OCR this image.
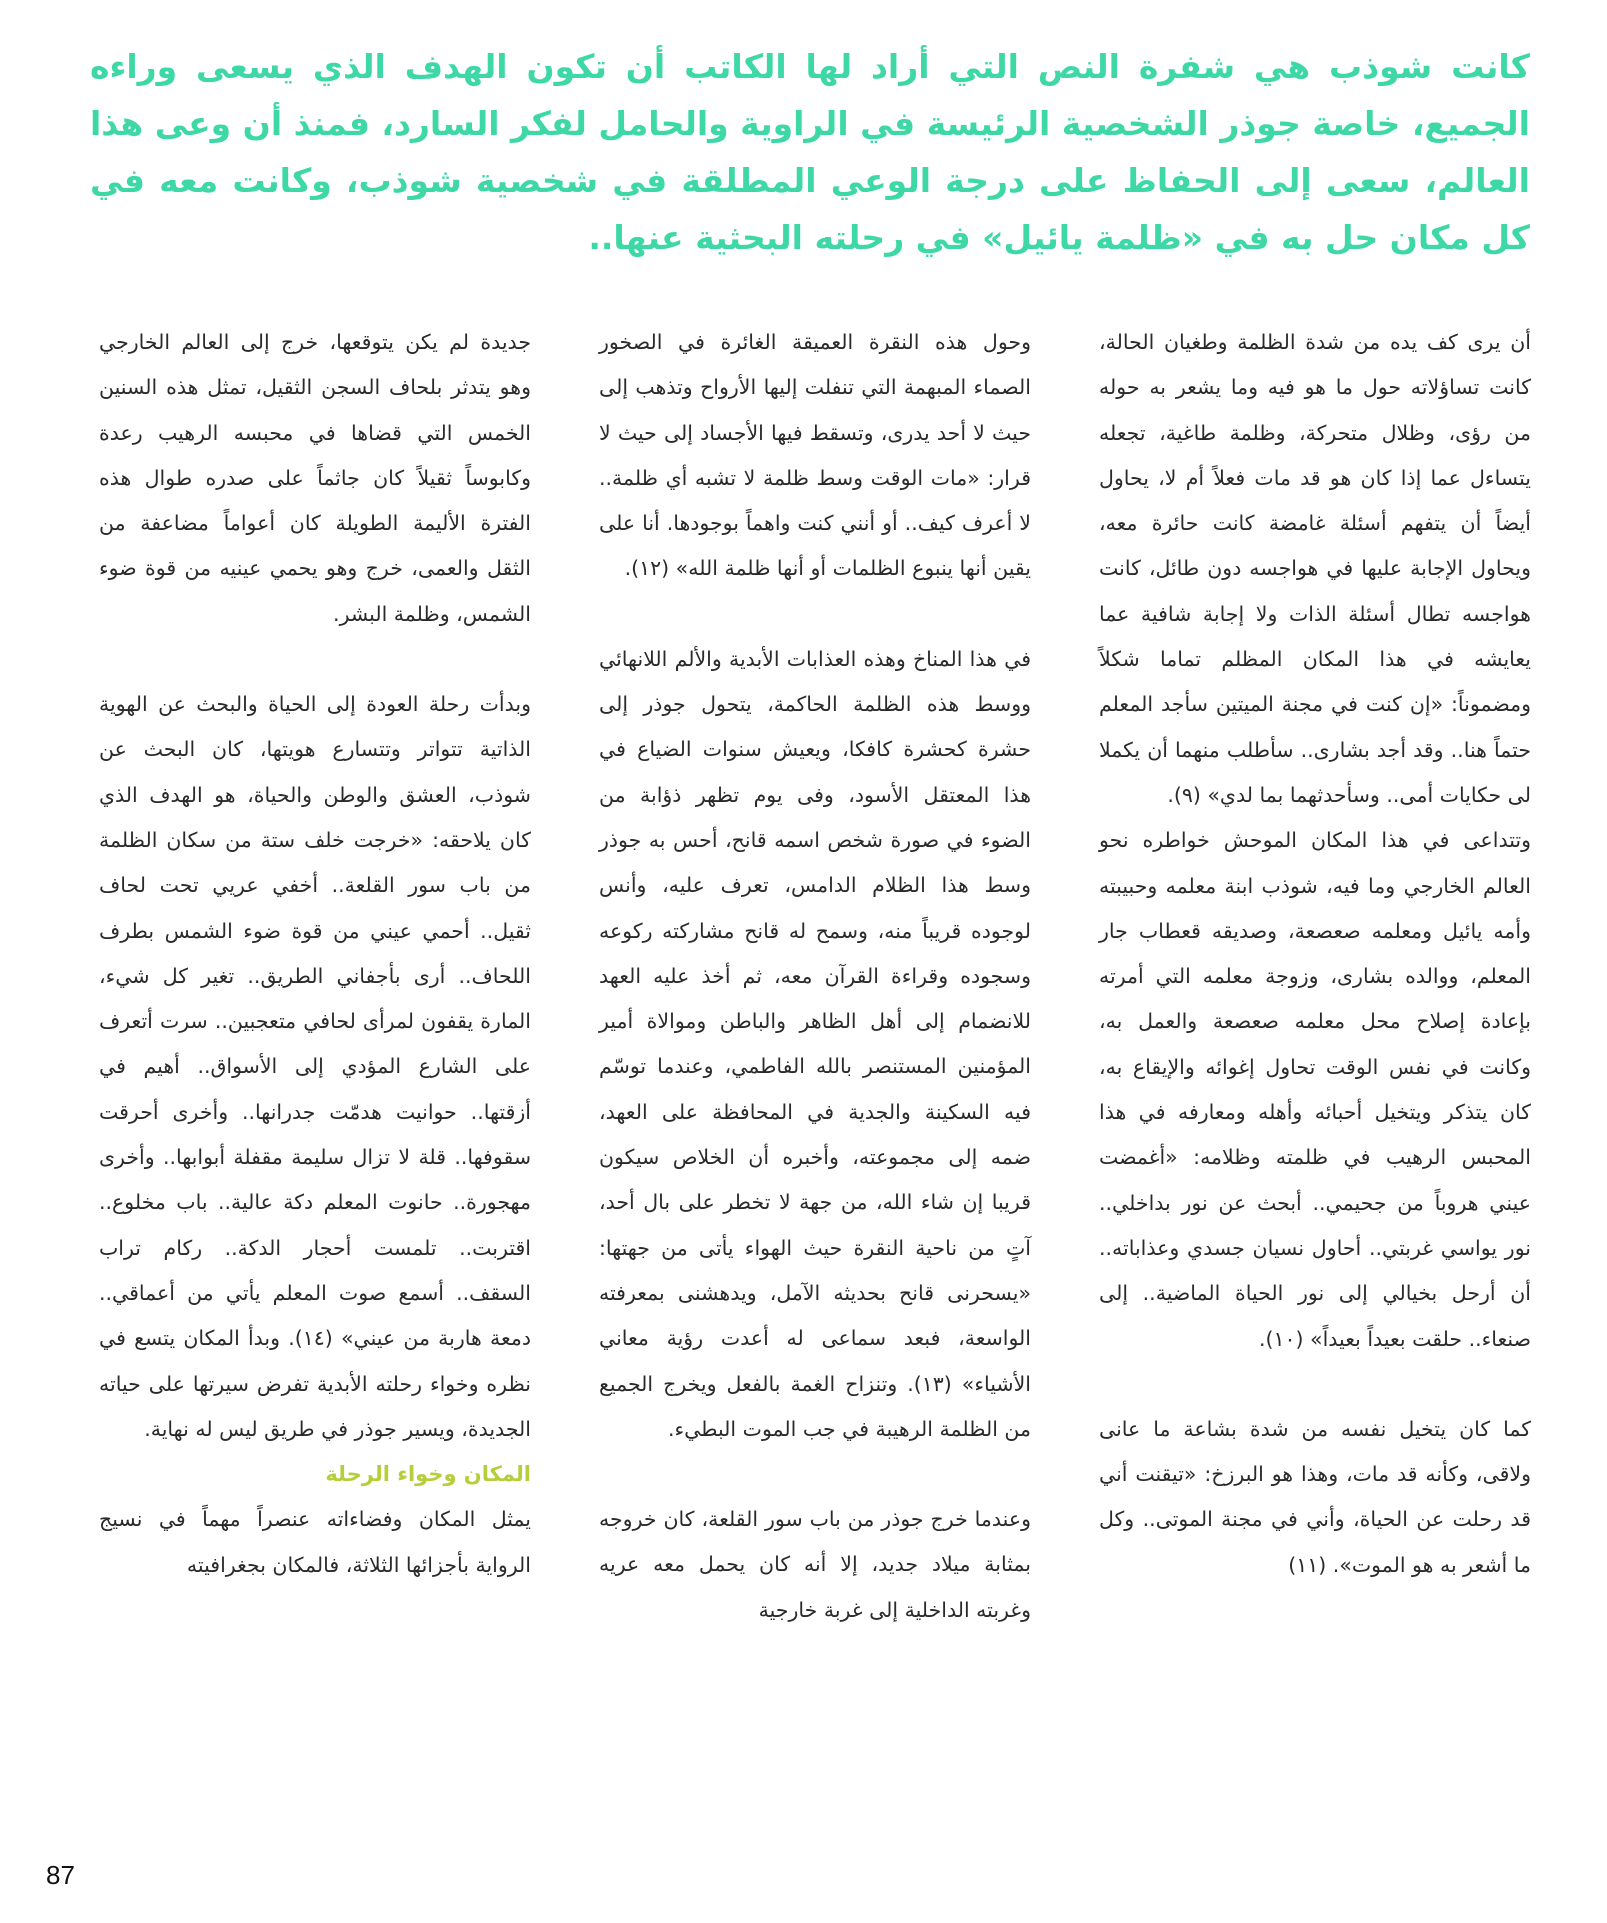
كانت شوذب هي شفرة النص التي أراد لها الكاتب أن تكون الهدف الذي يسعى وراءه الجميع، خاصة جوذر الشخصية الرئيسة في الراوية والحامل لفكر السارد، فمنذ أن وعى هذا العالم، سعى إلى الحفاظ على درجة الوعي المطلقة في شخصية شوذب، وكانت معه في كل مكان حل به في «ظلمة يائيل» في رحلته البحثية عنها..

أن يرى كف يده من شدة الظلمة وطغيان الحالة، كانت تساؤلاته حول ما هو فيه وما يشعر به حوله من رؤى، وظلال متحركة، وظلمة طاغية، تجعله يتساءل عما إذا كان هو قد مات فعلاً أم لا، يحاول أيضاً أن يتفهم أسئلة غامضة كانت حائرة معه، ويحاول الإجابة عليها في هواجسه دون طائل، كانت هواجسه تطال أسئلة الذات ولا إجابة شافية عما يعايشه في هذا المكان المظلم تماما شكلاً ومضموناً: «إن كنت في مجنة الميتين سأجد المعلم حتماً هنا.. وقد أجد بشارى.. سأطلب منهما أن يكملا لى حكايات أمى.. وسأحدثهما بما لدي» (٩).

وتتداعى في هذا المكان الموحش خواطره نحو العالم الخارجي وما فيه، شوذب ابنة معلمه وحبيبته وأمه يائيل ومعلمه صعصعة، وصديقه قعطاب جار المعلم، ووالده بشارى، وزوجة معلمه التي أمرته بإعادة إصلاح محل معلمه صعصعة والعمل به، وكانت في نفس الوقت تحاول إغوائه والإيقاع به، كان يتذكر ويتخيل أحبائه وأهله ومعارفه في هذا المحبس الرهيب في ظلمته وظلامه: «أغمضت عيني هروباً من جحيمي.. أبحث عن نور بداخلي.. نور يواسي غربتي.. أحاول نسيان جسدي وعذاباته.. أن أرحل بخيالي إلى نور الحياة الماضية.. إلى صنعاء.. حلقت بعيداً بعيداً» (١٠).

كما كان يتخيل نفسه من شدة بشاعة ما عانى ولاقى، وكأنه قد مات، وهذا هو البرزخ: «تيقنت أني قد رحلت عن الحياة، وأني في مجنة الموتى.. وكل ما أشعر به هو الموت». (١١)

وحول هذه النقرة العميقة الغائرة في الصخور الصماء المبهمة التي تنفلت إليها الأرواح وتذهب إلى حيث لا أحد يدرى، وتسقط فيها الأجساد إلى حيث لا قرار: «مات الوقت وسط ظلمة لا تشبه أي ظلمة.. لا أعرف كيف.. أو أنني كنت واهماً بوجودها. أنا على يقين أنها ينبوع الظلمات أو أنها ظلمة الله» (١٢).

في هذا المناخ وهذه العذابات الأبدية والألم اللانهائي ووسط هذه الظلمة الحاكمة، يتحول جوذر إلى حشرة كحشرة كافكا، ويعيش سنوات الضياع في هذا المعتقل الأسود، وفى يوم تظهر ذؤابة من الضوء في صورة شخص اسمه قانح، أحس به جوذر وسط هذا الظلام الدامس، تعرف عليه، وأنس لوجوده قريباً منه، وسمح له قانح مشاركته ركوعه وسجوده وقراءة القرآن معه، ثم أخذ عليه العهد للانضمام إلى أهل الظاهر والباطن وموالاة أمير المؤمنين المستنصر بالله الفاطمي، وعندما توسّم فيه السكينة والجدية في المحافظة على العهد، ضمه إلى مجموعته، وأخبره أن الخلاص سيكون قريبا إن شاء الله، من جهة لا تخطر على بال أحد، آتٍ من ناحية النقرة حيث الهواء يأتى من جهتها: «يسحرنى قانح بحديثه الآمل، ويدهشنى بمعرفته الواسعة، فبعد سماعى له أعدت رؤية معاني الأشياء» (١٣). وتنزاح الغمة بالفعل ويخرج الجميع من الظلمة الرهيبة في جب الموت البطيء.

وعندما خرج جوذر من باب سور القلعة، كان خروجه بمثابة ميلاد جديد، إلا أنه كان يحمل معه عريه وغربته الداخلية إلى غربة خارجية

جديدة لم يكن يتوقعها، خرج إلى العالم الخارجي وهو يتدثر بلحاف السجن الثقيل، تمثل هذه السنين الخمس التي قضاها في محبسه الرهيب رعدة وكابوساً ثقيلاً كان جاثماً على صدره طوال هذه الفترة الأليمة الطويلة كان أعواماً مضاعفة من الثقل والعمى، خرج وهو يحمي عينيه من قوة ضوء الشمس، وظلمة البشر.

وبدأت رحلة العودة إلى الحياة والبحث عن الهوية الذاتية تتواتر وتتسارع هويتها، كان البحث عن شوذب، العشق والوطن والحياة، هو الهدف الذي كان يلاحقه: «خرجت خلف ستة من سكان الظلمة من باب سور القلعة.. أخفي عريي تحت لحاف ثقيل.. أحمي عيني من قوة ضوء الشمس بطرف اللحاف.. أرى بأجفاني الطريق.. تغير كل شيء، المارة يقفون لمرأى لحافي متعجبين.. سرت أتعرف على الشارع المؤدي إلى الأسواق.. أهيم في أزقتها.. حوانيت هدمّت جدرانها.. وأخرى أحرقت سقوفها.. قلة لا تزال سليمة مقفلة أبوابها.. وأخرى مهجورة.. حانوت المعلم دكة عالية.. باب مخلوع.. اقتربت.. تلمست أحجار الدكة.. ركام تراب السقف.. أسمع صوت المعلم يأتي من أعماقي.. دمعة هاربة من عيني» (١٤). وبدأ المكان يتسع في نظره وخواء رحلته الأبدية تفرض سيرتها على حياته الجديدة، ويسير جوذر في طريق ليس له نهاية.

المكان وخواء الرحلة

يمثل المكان وفضاءاته عنصراً مهماً في نسيج الرواية بأجزائها الثلاثة، فالمكان بجغرافيته

87
